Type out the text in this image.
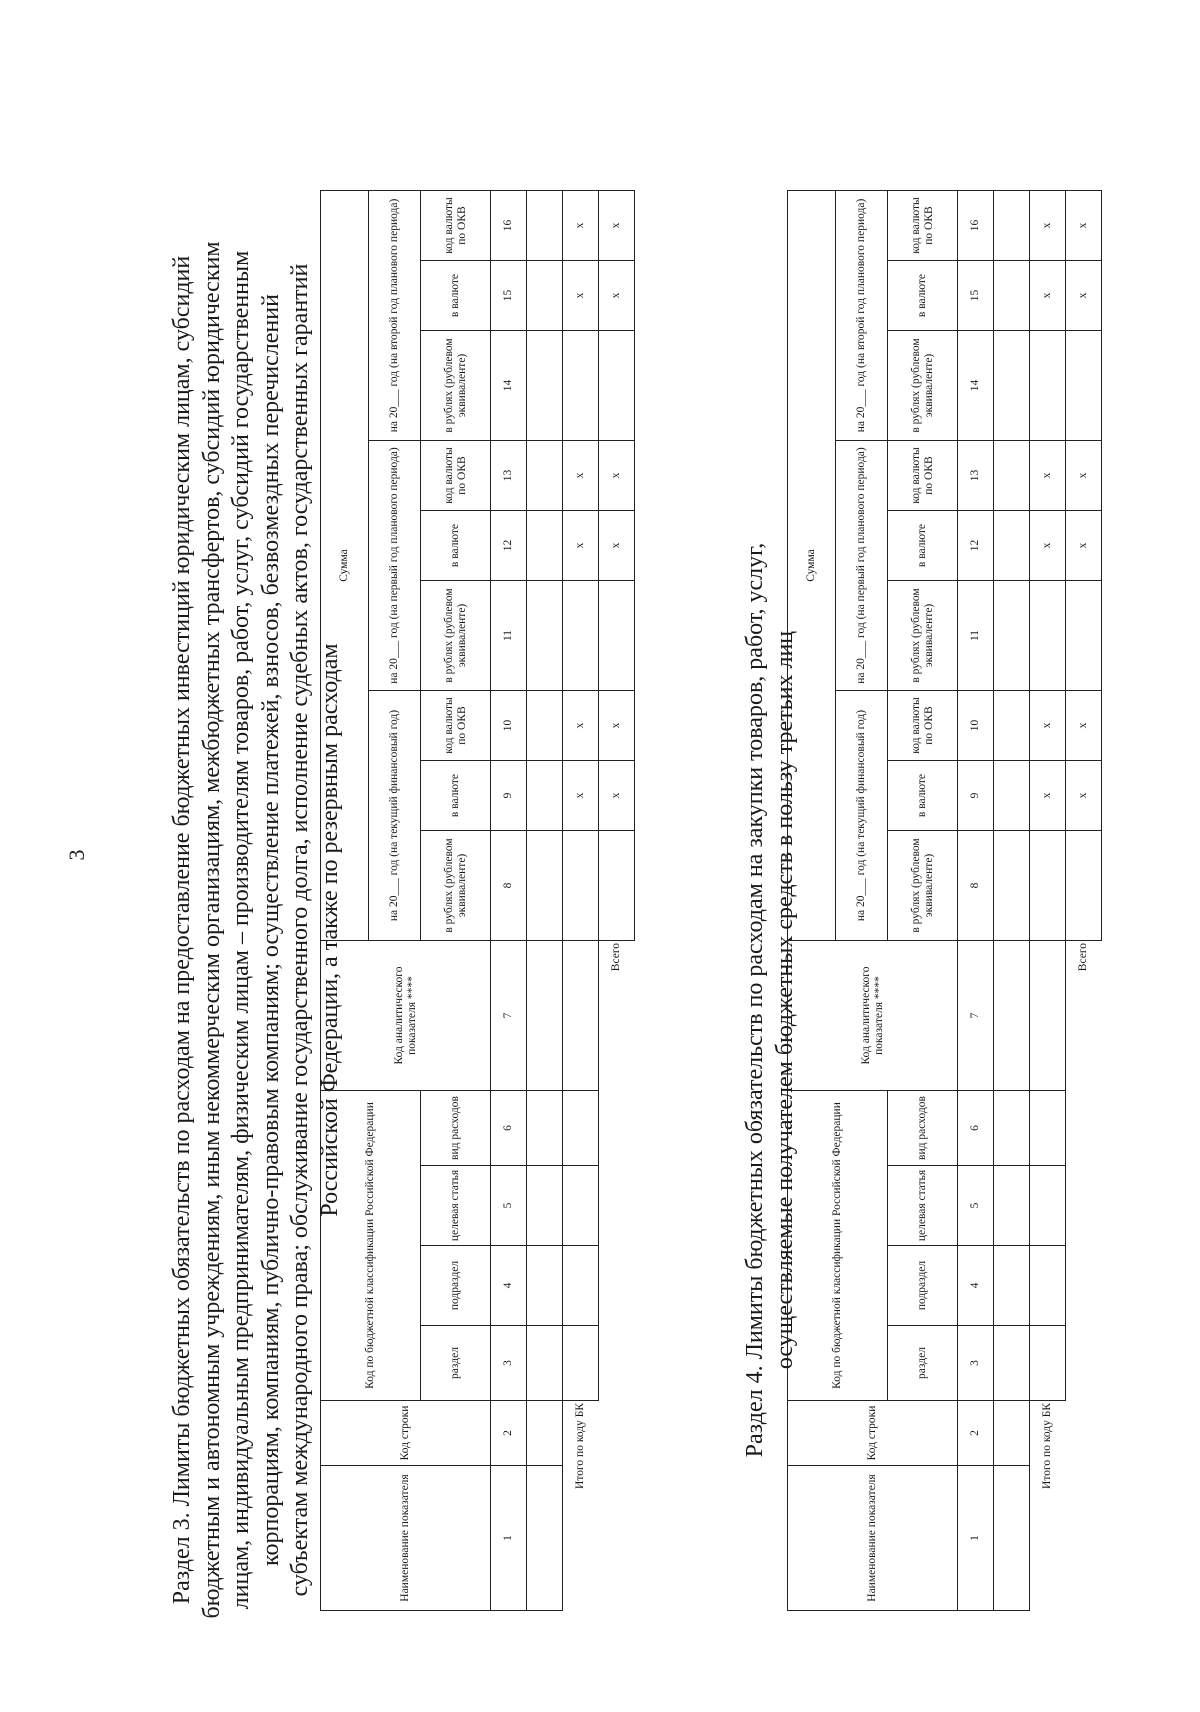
3	Раздел 3. Лимиты бюджетных обязательств по расходам на предоставление бюджетных инвестиций юридическим лицам, субсидий бюджетным и автономным учреждениям, иным некоммерческим организациям, межбюджетных трансфертов, субсидий юридическим лицам, индивидуальным предпринимателям, физическим лицам – производителям товаров, работ, услуг, субсидий государственным корпорациям, компаниям, публично-правовым компаниям; осуществление платежей, взносов, безвозмездных перечислений субъектам международного права; обслуживание государственного долга, исполнение судебных актов, государственных гарантий Российской Федерации, а также по резервным расходам
Наименование показателя	Код строки	Код по бюджетной классификации Российской Федерации				Код аналитического показателя ****	Сумма								
							на 20___ год (на текущий финансовый год)			на 20___ год (на первый год планового периода)			на 20___ год (на второй год планового периода)		
		раздел	подраздел	целевая статья	вид расходов		в рублях (рублевом эквиваленте)	в валюте	код валюты по ОКВ	в рублях (рублевом эквиваленте)	в валюте	код валюты по ОКВ	в рублях (рублевом эквиваленте)	в валюте	код валюты по ОКВ
1	2	3	4	5	6	7	8	9	10	11	12	13	14	15	16

Итого по коду БК								х	х		х	х		х	х
						Всего		х	х		х	х		х	х
Раздел 4. Лимиты бюджетных обязательств по расходам на закупки товаров, работ, услуг, осуществляемые получателем бюджетных средств в пользу третьих лиц
Наименование показателя	Код строки	Код по бюджетной классификации Российской Федерации				Код аналитического показателя ****	Сумма								
							на 20___ год (на текущий финансовый год)			на 20___ год (на первый год планового периода)			на 20___ год (на второй год планового периода)		
		раздел	подраздел	целевая статья	вид расходов		в рублях (рублевом эквиваленте)	в валюте	код валюты по ОКВ	в рублях (рублевом эквиваленте)	в валюте	код валюты по ОКВ	в рублях (рублевом эквиваленте)	в валюте	код валюты по ОКВ
1	2	3	4	5	6	7	8	9	10	11	12	13	14	15	16

Итого по коду БК								х	х		х	х		х	х
						Всего		х	х		х	х		х	х
